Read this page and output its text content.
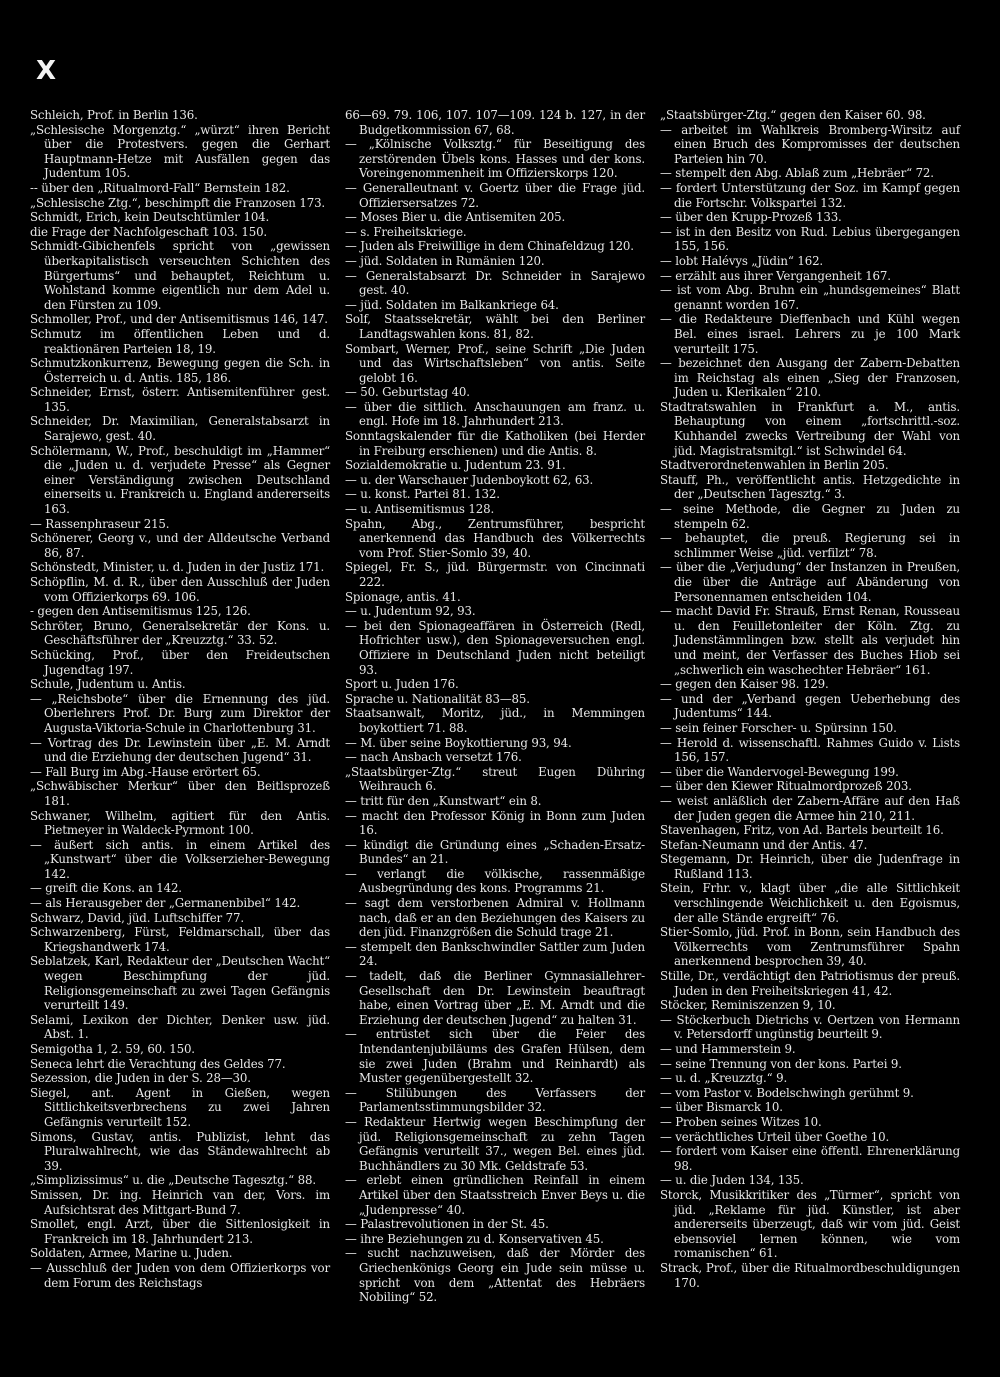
X

Schleich, Prof. in Berlin 136.

„Schlesische Morgenztg.“ „würzt“ ihren Bericht über die Protestvers. gegen die Gerhart Hauptmann-Hetze mit Ausfällen gegen das Judentum 105.

-- über den „Ritualmord-Fall“ Bernstein 182.

„Schlesische Ztg.“, beschimpft die Franzosen 173.

Schmidt, Erich, kein Deutschtümler 104.

die Frage der Nachfolgeschaft 103. 150.

Schmidt-Gibichenfels spricht von „gewissen überkapitalistisch verseuchten Schichten des Bürgertums“ und behauptet, Reichtum u. Wohlstand komme eigentlich nur dem Adel u. den Fürsten zu 109.

Schmoller, Prof., und der Antisemitismus 146, 147.

Schmutz im öffentlichen Leben und d. reaktionären Parteien 18, 19.

Schmutzkonkurrenz, Bewegung gegen die Sch. in Österreich u. d. Antis. 185, 186.

Schneider, Ernst, österr. Antisemitenführer gest. 135.

Schneider, Dr. Maximilian, Generalstabsarzt in Sarajewo, gest. 40.

Schölermann, W., Prof., beschuldigt im „Hammer“ die „Juden u. d. verjudete Presse“ als Gegner einer Verständigung zwischen Deutschland einerseits u. Frankreich u. England andererseits 163.

— Rassenphraseur 215.

Schönerer, Georg v., und der Alldeutsche Verband 86, 87.

Schönstedt, Minister, u. d. Juden in der Justiz 171.

Schöpflin, M. d. R., über den Ausschluß der Juden vom Offizierkorps 69. 106.

- gegen den Antisemitismus 125, 126.

Schröter, Bruno, Generalsekretär der Kons. u. Geschäftsführer der „Kreuzztg.“ 33. 52.

Schücking, Prof., über den Freideutschen Jugendtag 197.

Schule, Judentum u. Antis.

— „Reichsbote“ über die Ernennung des jüd. Oberlehrers Prof. Dr. Burg zum Direktor der Augusta-Viktoria-Schule in Charlottenburg 31.

— Vortrag des Dr. Lewinstein über „E. M. Arndt und die Erziehung der deutschen Jugend“ 31.

— Fall Burg im Abg.-Hause erörtert 65.

„Schwäbischer Merkur“ über den Beitlsprozeß 181.

Schwaner, Wilhelm, agitiert für den Antis. Pietmeyer in Waldeck-Pyrmont 100.

— äußert sich antis. in einem Artikel des „Kunstwart“ über die Volkserzieher-Bewegung 142.

— greift die Kons. an 142.

— als Herausgeber der „Germanenbibel“ 142.

Schwarz, David, jüd. Luftschiffer 77.

Schwarzenberg, Fürst, Feldmarschall, über das Kriegshandwerk 174.

Seblatzek, Karl, Redakteur der „Deutschen Wacht“ wegen Beschimpfung der jüd. Religionsgemeinschaft zu zwei Tagen Gefängnis verurteilt 149.

Selami, Lexikon der Dichter, Denker usw. jüd. Abst. 1.

Semigotha 1, 2. 59, 60. 150.

Seneca lehrt die Verachtung des Geldes 77.

Sezession, die Juden in der S. 28—30.

Siegel, ant. Agent in Gießen, wegen Sittlichkeitsverbrechens zu zwei Jahren Gefängnis verurteilt 152.

Simons, Gustav, antis. Publizist, lehnt das Pluralwahlrecht, wie das Ständewahlrecht ab 39.

„Simplizissimus“ u. die „Deutsche Tagesztg.“ 88.

Smissen, Dr. ing. Heinrich van der, Vors. im Aufsichtsrat des Mittgart-Bund 7.

Smollet, engl. Arzt, über die Sittenlosigkeit in Frankreich im 18. Jahrhundert 213.

Soldaten, Armee, Marine u. Juden.

— Ausschluß der Juden von dem Offizierkorps vor dem Forum des Reichstags

66—69. 79. 106, 107. 107—109. 124 b. 127, in der Budgetkommission 67, 68.

— „Kölnische Volksztg.“ für Beseitigung des zerstörenden Übels kons. Hasses und der kons. Voreingenommenheit im Offizierskorps 120.

— Generalleutnant v. Goertz über die Frage jüd. Offiziersersatzes 72.

— Moses Bier u. die Antisemiten 205.

— s. Freiheitskriege.

— Juden als Freiwillige in dem Chinafeldzug 120.

— jüd. Soldaten in Rumänien 120.

— Generalstabsarzt Dr. Schneider in Sarajewo gest. 40.

— jüd. Soldaten im Balkankriege 64.

Solf, Staatssekretär, wählt bei den Berliner Landtagswahlen kons. 81, 82.

Sombart, Werner, Prof., seine Schrift „Die Juden und das Wirtschaftsleben“ von antis. Seite gelobt 16.

— 50. Geburtstag 40.

— über die sittlich. Anschauungen am franz. u. engl. Hofe im 18. Jahrhundert 213.

Sonntagskalender für die Katholiken (bei Herder in Freiburg erschienen) und die Antis. 8.

Sozialdemokratie u. Judentum 23. 91.

— u. der Warschauer Judenboykott 62, 63.

— u. konst. Partei 81. 132.

— u. Antisemitismus 128.

Spahn, Abg., Zentrumsführer, bespricht anerkennend das Handbuch des Völkerrechts vom Prof. Stier-Somlo 39, 40.

Spiegel, Fr. S., jüd. Bürgermstr. von Cincinnati 222.

Spionage, antis. 41.

— u. Judentum 92, 93.

— bei den Spionageaffären in Österreich (Redl, Hofrichter usw.), den Spionageversuchen engl. Offiziere in Deutschland Juden nicht beteiligt 93.

Sport u. Juden 176.

Sprache u. Nationalität 83—85.

Staatsanwalt, Moritz, jüd., in Memmingen boykottiert 71. 88.

— M. über seine Boykottierung 93, 94.

— nach Ansbach versetzt 176.

„Staatsbürger-Ztg.“ streut Eugen Dühring Weihrauch 6.

— tritt für den „Kunstwart“ ein 8.

— macht den Professor König in Bonn zum Juden 16.

— kündigt die Gründung eines „Schaden-Ersatz-Bundes“ an 21.

— verlangt die völkische, rassenmäßige Ausbegründung des kons. Programms 21.

— sagt dem verstorbenen Admiral v. Hollmann nach, daß er an den Beziehungen des Kaisers zu den jüd. Finanzgrößen die Schuld trage 21.

— stempelt den Bankschwindler Sattler zum Juden 24.

— tadelt, daß die Berliner Gymnasiallehrer-Gesellschaft den Dr. Lewinstein beauftragt habe, einen Vortrag über „E. M. Arndt und die Erziehung der deutschen Jugend“ zu halten 31.

— entrüstet sich über die Feier des Intendantenjubiläums des Grafen Hülsen, dem sie zwei Juden (Brahm und Reinhardt) als Muster gegenübergestellt 32.

— Stilübungen des Verfassers der Parlamentsstimmungsbilder 32.

— Redakteur Hertwig wegen Beschimpfung der jüd. Religionsgemeinschaft zu zehn Tagen Gefängnis verurteilt 37., wegen Bel. eines jüd. Buchhändlers zu 30 Mk. Geldstrafe 53.

— erlebt einen gründlichen Reinfall in einem Artikel über den Staatsstreich Enver Beys u. die „Judenpresse“ 40.

— Palastrevolutionen in der St. 45.

— ihre Beziehungen zu d. Konservativen 45.

— sucht nachzuweisen, daß der Mörder des Griechenkönigs Georg ein Jude sein müsse u. spricht von dem „Attentat des Hebräers Nobiling“ 52.

„Staatsbürger-Ztg.“ gegen den Kaiser 60. 98.

— arbeitet im Wahlkreis Bromberg-Wirsitz auf einen Bruch des Kompromisses der deutschen Parteien hin 70.

— stempelt den Abg. Ablaß zum „Hebräer“ 72.

— fordert Unterstützung der Soz. im Kampf gegen die Fortschr. Volkspartei 132.

— über den Krupp-Prozeß 133.

— ist in den Besitz von Rud. Lebius übergegangen 155, 156.

— lobt Halévys „Jüdin“ 162.

— erzählt aus ihrer Vergangenheit 167.

— ist vom Abg. Bruhn ein „hundsgemeines“ Blatt genannt worden 167.

— die Redakteure Dieffenbach und Kühl wegen Bel. eines israel. Lehrers zu je 100 Mark verurteilt 175.

— bezeichnet den Ausgang der Zabern-Debatten im Reichstag als einen „Sieg der Franzosen, Juden u. Klerikalen“ 210.

Stadtratswahlen in Frankfurt a. M., antis. Behauptung von einem „fortschrittl.-soz. Kuhhandel zwecks Vertreibung der Wahl von jüd. Magistratsmitgl.“ ist Schwindel 64.

Stadtverordnetenwahlen in Berlin 205.

Stauff, Ph., veröffentlicht antis. Hetzgedichte in der „Deutschen Tagesztg.“ 3.

— seine Methode, die Gegner zu Juden zu stempeln 62.

— behauptet, die preuß. Regierung sei in schlimmer Weise „jüd. verfilzt“ 78.

— über die „Verjudung“ der Instanzen in Preußen, die über die Anträge auf Abänderung von Personennamen entscheiden 104.

— macht David Fr. Strauß, Ernst Renan, Rousseau u. den Feuilletonleiter der Köln. Ztg. zu Judenstämmlingen bzw. stellt als verjudet hin und meint, der Verfasser des Buches Hiob sei „schwerlich ein waschechter Hebräer“ 161.

— gegen den Kaiser 98. 129.

— und der „Verband gegen Ueberhebung des Judentums“ 144.

— sein feiner Forscher- u. Spürsinn 150.

— Herold d. wissenschaftl. Rahmes Guido v. Lists 156, 157.

— über die Wandervogel-Bewegung 199.

— über den Kiewer Ritualmordprozeß 203.

— weist anläßlich der Zabern-Affäre auf den Haß der Juden gegen die Armee hin 210, 211.

Stavenhagen, Fritz, von Ad. Bartels beurteilt 16.

Stefan-Neumann und der Antis. 47.

Stegemann, Dr. Heinrich, über die Judenfrage in Rußland 113.

Stein, Frhr. v., klagt über „die alle Sittlichkeit verschlingende Weichlichkeit u. den Egoismus, der alle Stände ergreift“ 76.

Stier-Somlo, jüd. Prof. in Bonn, sein Handbuch des Völkerrechts vom Zentrumsführer Spahn anerkennend besprochen 39, 40.

Stille, Dr., verdächtigt den Patriotismus der preuß. Juden in den Freiheitskriegen 41, 42.

Stöcker, Reminiszenzen 9, 10.

— Stöckerbuch Dietrichs v. Oertzen von Hermann v. Petersdorff ungünstig beurteilt 9.

— und Hammerstein 9.

— seine Trennung von der kons. Partei 9.

— u. d. „Kreuzztg.“ 9.

— vom Pastor v. Bodelschwingh gerühmt 9.

— über Bismarck 10.

— Proben seines Witzes 10.

— verächtliches Urteil über Goethe 10.

— fordert vom Kaiser eine öffentl. Ehrenerklärung 98.

— u. die Juden 134, 135.

Storck, Musikkritiker des „Türmer“, spricht von jüd. „Reklame für jüd. Künstler, ist aber andererseits überzeugt, daß wir vom jüd. Geist ebensoviel lernen können, wie vom romanischen“ 61.

Strack, Prof., über die Ritualmordbeschuldigungen 170.
